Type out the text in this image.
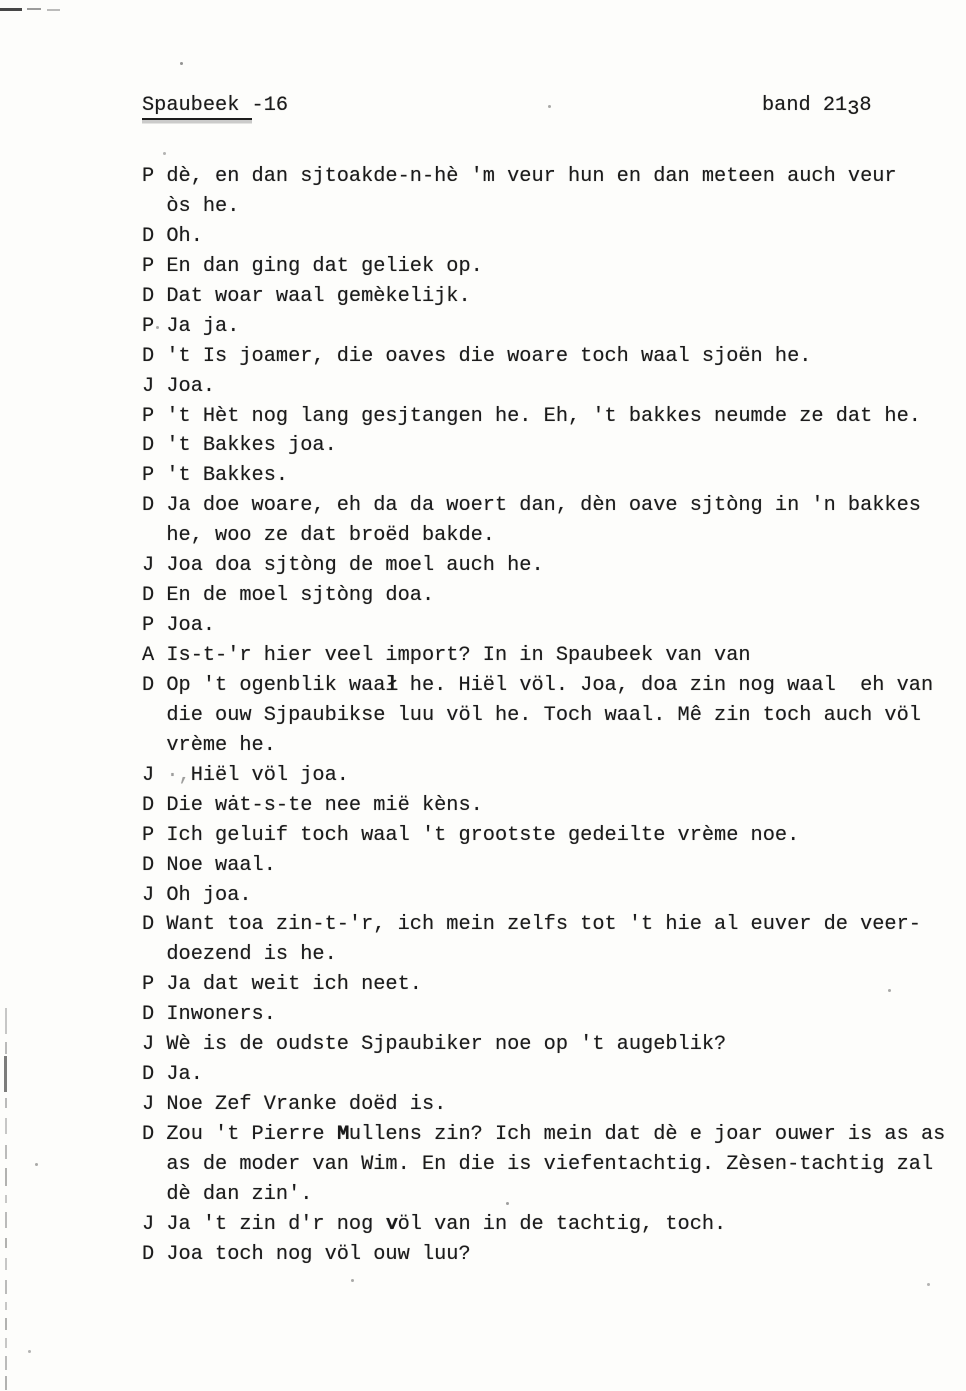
Spaubeek -16	band 2138
P dè, en dan sjtoakde-n-hè 'm veur hun en dan meteen auch veur
òs he.
D Oh.
P En dan ging dat geliek op.
D Dat woar waal gemèkelijk.
P Ja ja.
D 't Is joamer, die oaves die woare toch waal sjoën he.
J Joa.
P 't Hèt nog lang gesjtangen he. Eh, 't bakkes neumde ze dat he.
D 't Bakkes joa.
P 't Bakkes.
D Ja doe woare, eh da da woert dan, dèn oave sjtòng in 'n bakkes
he, woo ze dat broëd bakde.
J Joa doa sjtòng de moel auch he.
D En de moel sjtòng doa.
P Joa.
A Is-t-'r hier veel import? In in Spaubeek van van
D Op 't ogenblik waał he. Hiël völ. Joa, doa zin nog waal  eh van
die ouw Sjpaubikse luu völ he. Toch waal. Mê zin toch auch völ
vrème he.
J ·,Hiël völ joa.
D Die wȧt-s-te nee mië kèns.
P Ich geluif toch waal 't grootste gedeilte vrème noe.
D Noe waal.
J Oh joa.
D Want toa zin-t-'r, ich mein zelfs tot 't hie al euver de veer-
doezend is he.
P Ja dat weit ich neet.
D Inwoners.
J Wè is de oudste Sjpaubiker noe op 't augeblik?
D Ja.
J Noe Zef Vranke doëd is.
D Zou 't Pierre Mullens zin? Ich mein dat dè e joar ouwer is as as
as de moder van Wim. En die is viefentachtig. Zèsen-tachtig zal
dè dan zin'.
J Ja 't zin d'r nog völ van in de tachtig, toch.
D Joa toch nog völ ouw luu?
